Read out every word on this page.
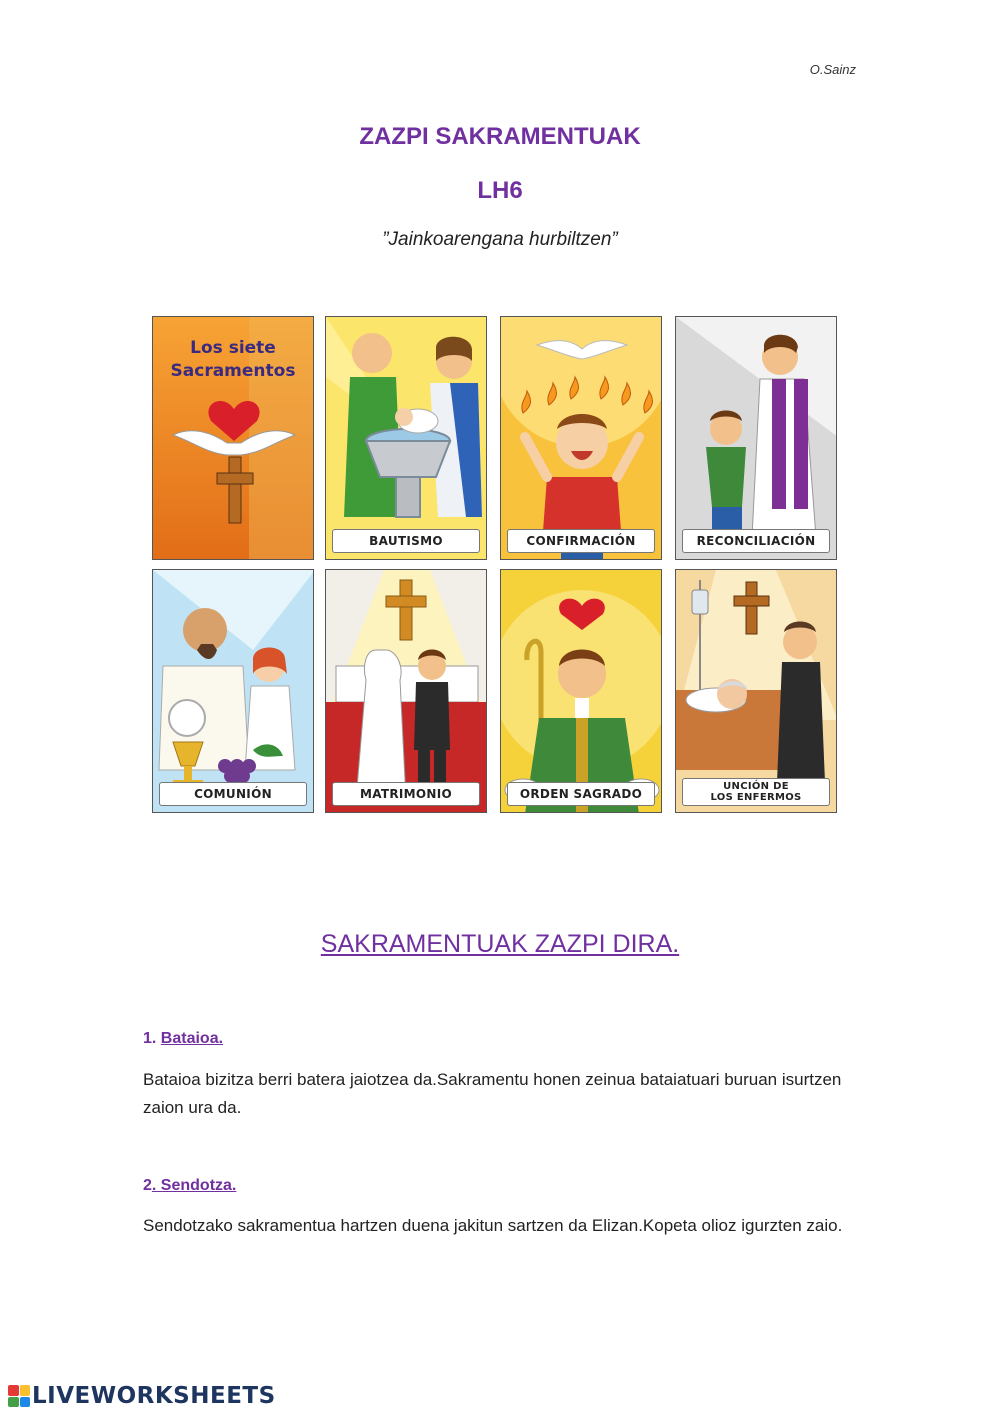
O.Sainz
ZAZPI SAKRAMENTUAK
LH6
”Jainkoarengana hurbiltzen”
Los siete
Sacramentos
BAUTISMO	CONFIRMACIÓN	RECONCILIACIÓN
COMUNIÓN	MATRIMONIO	ORDEN SAGRADO	UNCIÓN DE
LOS ENFERMOS
SAKRAMENTUAK ZAZPI DIRA.
1. Bataioa.
Bataioa bizitza berri batera jaiotzea da.Sakramentu honen zeinua bataiatuari buruan isurtzen zaion ura da.
2. Sendotza.
Sendotzako sakramentua hartzen duena jakitun sartzen da Elizan.Kopeta olioz igurzten zaio.
LIVEWORKSHEETS
